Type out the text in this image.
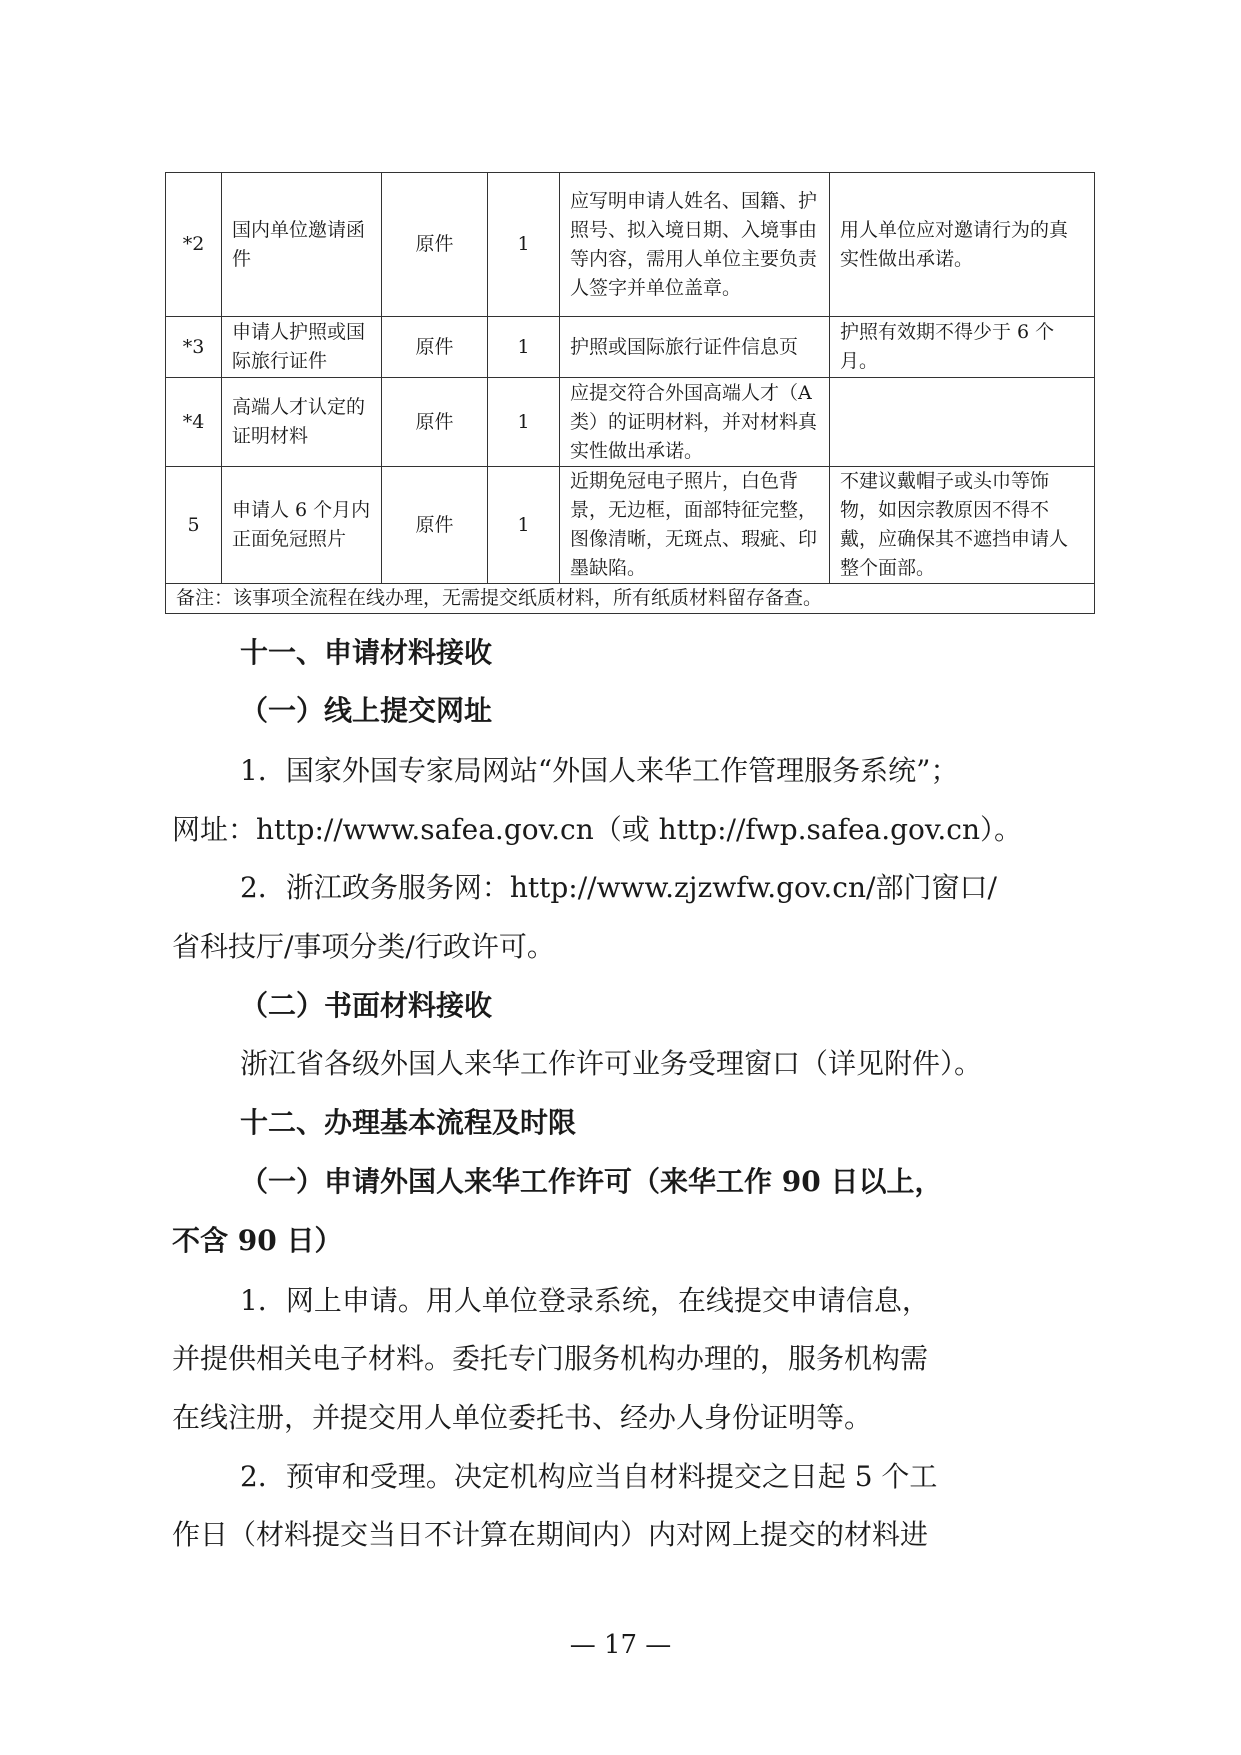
*2	国内单位邀请函件	原件	1	应写明申请人姓名、国籍、护照号、拟入境日期、入境事由等内容，需用人单位主要负责人签字并单位盖章。	用人单位应对邀请行为的真实性做出承诺。
*3	申请人护照或国际旅行证件	原件	1	护照或国际旅行证件信息页	护照有效期不得少于 6 个月。
*4	高端人才认定的证明材料	原件	1	应提交符合外国高端人才（A 类）的证明材料，并对材料真实性做出承诺。	
5	申请人 6 个月内正面免冠照片	原件	1	近期免冠电子照片，白色背景，无边框，面部特征完整，图像清晰，无斑点、瑕疵、印墨缺陷。	不建议戴帽子或头巾等饰物，如因宗教原因不得不戴，应确保其不遮挡申请人整个面部。
备注：该事项全流程在线办理，无需提交纸质材料，所有纸质材料留存备查。					
十一、申请材料接收
（一）线上提交网址
1．国家外国专家局网站“外国人来华工作管理服务系统”；
网址：http://www.safea.gov.cn（或 http://fwp.safea.gov.cn）。
2．浙江政务服务网：http://www.zjzwfw.gov.cn/部门窗口/
省科技厅/事项分类/行政许可。
（二）书面材料接收
浙江省各级外国人来华工作许可业务受理窗口（详见附件）。
十二、办理基本流程及时限
（一）申请外国人来华工作许可（来华工作 90 日以上，
不含 90 日）
1．网上申请。用人单位登录系统，在线提交申请信息，
并提供相关电子材料。委托专门服务机构办理的，服务机构需
在线注册，并提交用人单位委托书、经办人身份证明等。
2．预审和受理。决定机构应当自材料提交之日起 5 个工
作日（材料提交当日不计算在期间内）内对网上提交的材料进
— 17 —
